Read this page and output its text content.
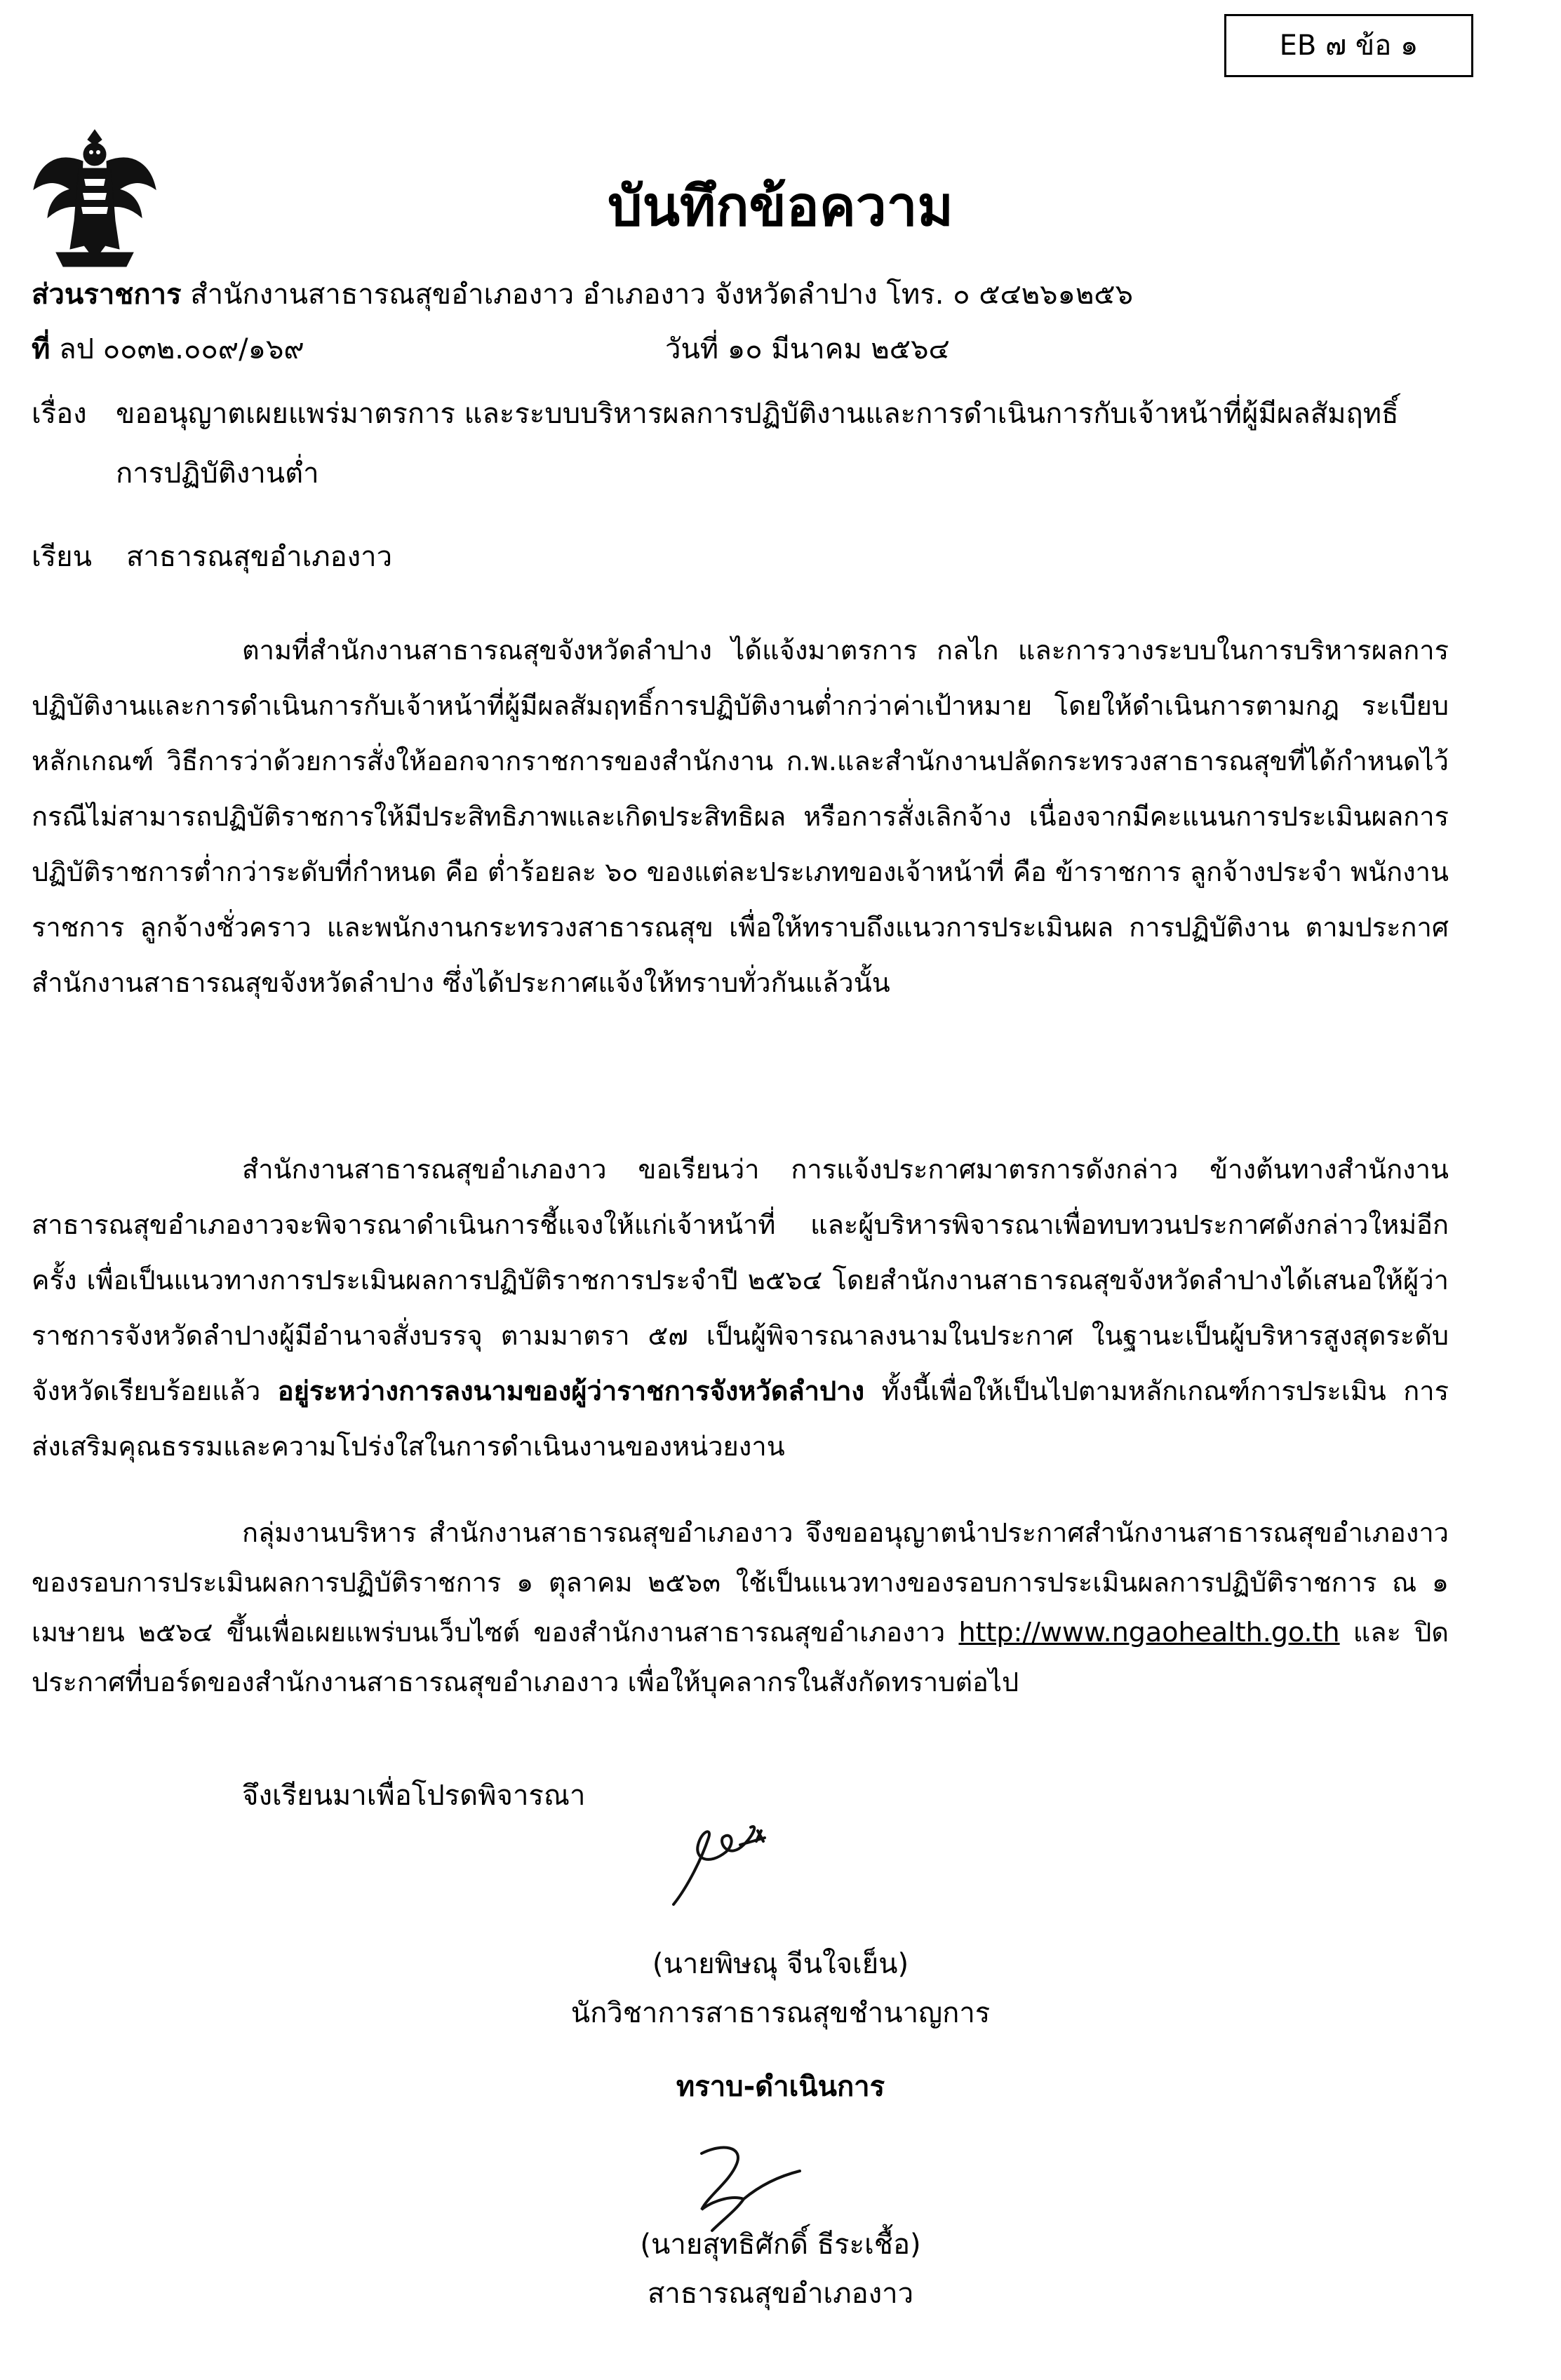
EB ๗ ข้อ ๑
บันทึกข้อความ
ส่วนราชการ สำนักงานสาธารณสุขอำเภองาว อำเภองาว จังหวัดลำปาง โทร. ๐ ๕๔๒๖๑๒๕๖
ที่ ลป ๐๐๓๒.๐๐๙/๑๖๙	วันที่ ๑๐ มีนาคม ๒๕๖๔
เรื่อง ขออนุญาตเผยแพร่มาตรการ และระบบบริหารผลการปฏิบัติงานและการดำเนินการกับเจ้าหน้าที่ผู้มีผลสัมฤทธิ์
การปฏิบัติงานต่ำ
เรียน สาธารณสุขอำเภองาว
ตามที่สำนักงานสาธารณสุขจังหวัดลำปาง ได้แจ้งมาตรการ กลไก และการวางระบบในการบริหารผลการปฏิบัติงานและการดำเนินการกับเจ้าหน้าที่ผู้มีผลสัมฤทธิ์การปฏิบัติงานต่ำกว่าค่าเป้าหมาย โดยให้ดำเนินการตามกฎ ระเบียบ หลักเกณฑ์ วิธีการว่าด้วยการสั่งให้ออกจากราชการของสำนักงาน ก.พ.และสำนักงานปลัดกระทรวงสาธารณสุขที่ได้กำหนดไว้ กรณีไม่สามารถปฏิบัติราชการให้มีประสิทธิภาพและเกิดประสิทธิผล หรือการสั่งเลิกจ้าง เนื่องจากมีคะแนนการประเมินผลการปฏิบัติราชการต่ำกว่าระดับที่กำหนด คือ ต่ำร้อยละ ๖๐ ของแต่ละประเภทของเจ้าหน้าที่ คือ ข้าราชการ ลูกจ้างประจำ พนักงานราชการ ลูกจ้างชั่วคราว และพนักงานกระทรวงสาธารณสุข เพื่อให้ทราบถึงแนวการประเมินผล การปฏิบัติงาน ตามประกาศสำนักงานสาธารณสุขจังหวัดลำปาง ซึ่งได้ประกาศแจ้งให้ทราบทั่วกันแล้วนั้น
สำนักงานสาธารณสุขอำเภองาว ขอเรียนว่า การแจ้งประกาศมาตรการดังกล่าว ข้างต้นทางสำนักงานสาธารณสุขอำเภองาวจะพิจารณาดำเนินการชี้แจงให้แก่เจ้าหน้าที่ และผู้บริหารพิจารณาเพื่อทบทวนประกาศดังกล่าวใหม่อีกครั้ง เพื่อเป็นแนวทางการประเมินผลการปฏิบัติราชการประจำปี ๒๕๖๔ โดยสำนักงานสาธารณสุขจังหวัดลำปางได้เสนอให้ผู้ว่าราชการจังหวัดลำปางผู้มีอำนาจสั่งบรรจุ ตามมาตรา ๕๗ เป็นผู้พิจารณาลงนามในประกาศ ในฐานะเป็นผู้บริหารสูงสุดระดับจังหวัดเรียบร้อยแล้ว อยู่ระหว่างการลงนามของผู้ว่าราชการจังหวัดลำปาง ทั้งนี้เพื่อให้เป็นไปตามหลักเกณฑ์การประเมิน การส่งเสริมคุณธรรมและความโปร่งใสในการดำเนินงานของหน่วยงาน
กลุ่มงานบริหาร สำนักงานสาธารณสุขอำเภองาว จึงขออนุญาตนำประกาศสำนักงานสาธารณสุขอำเภองาว ของรอบการประเมินผลการปฏิบัติราชการ ๑ ตุลาคม ๒๕๖๓ ใช้เป็นแนวทางของรอบการประเมินผลการปฏิบัติราชการ ณ ๑ เมษายน ๒๕๖๔ ขึ้นเพื่อเผยแพร่บนเว็บไซต์ ของสำนักงานสาธารณสุขอำเภองาว http://www.ngaohealth.go.th และ ปิดประกาศที่บอร์ดของสำนักงานสาธารณสุขอำเภองาว เพื่อให้บุคลากรในสังกัดทราบต่อไป
จึงเรียนมาเพื่อโปรดพิจารณา
(นายพิษณุ จีนใจเย็น)
นักวิชาการสาธารณสุขชำนาญการ
ทราบ-ดำเนินการ
(นายสุทธิศักดิ์ ธีระเชื้อ)
สาธารณสุขอำเภองาว
